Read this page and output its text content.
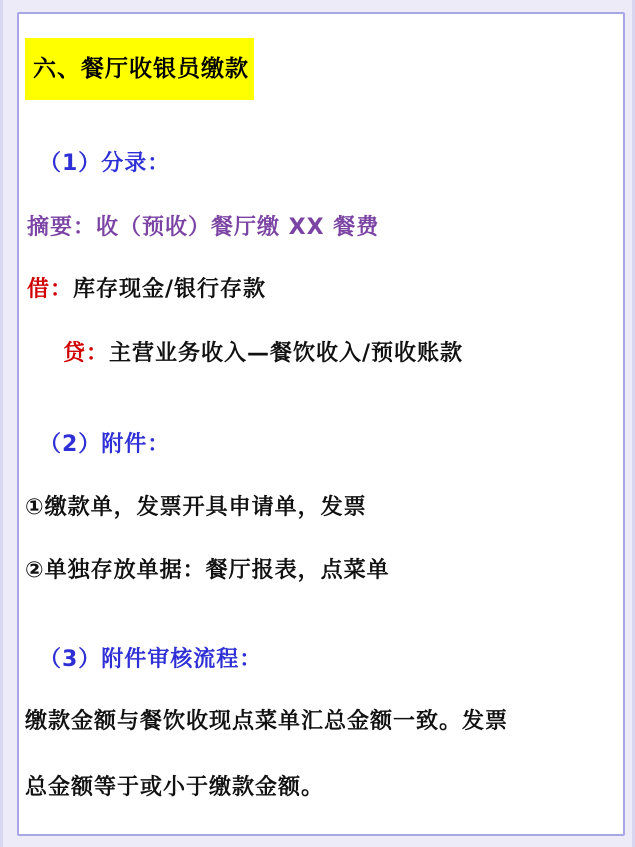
六、餐厅收银员缴款
（1）分录：
摘要：收（预收）餐厅缴 XX 餐费
借：库存现金/银行存款
贷：主营业务收入—餐饮收入/预收账款
（2）附件：
①缴款单，发票开具申请单，发票
②单独存放单据：餐厅报表，点菜单
（3）附件审核流程：
缴款金额与餐饮收现点菜单汇总金额一致。发票
总金额等于或小于缴款金额。
